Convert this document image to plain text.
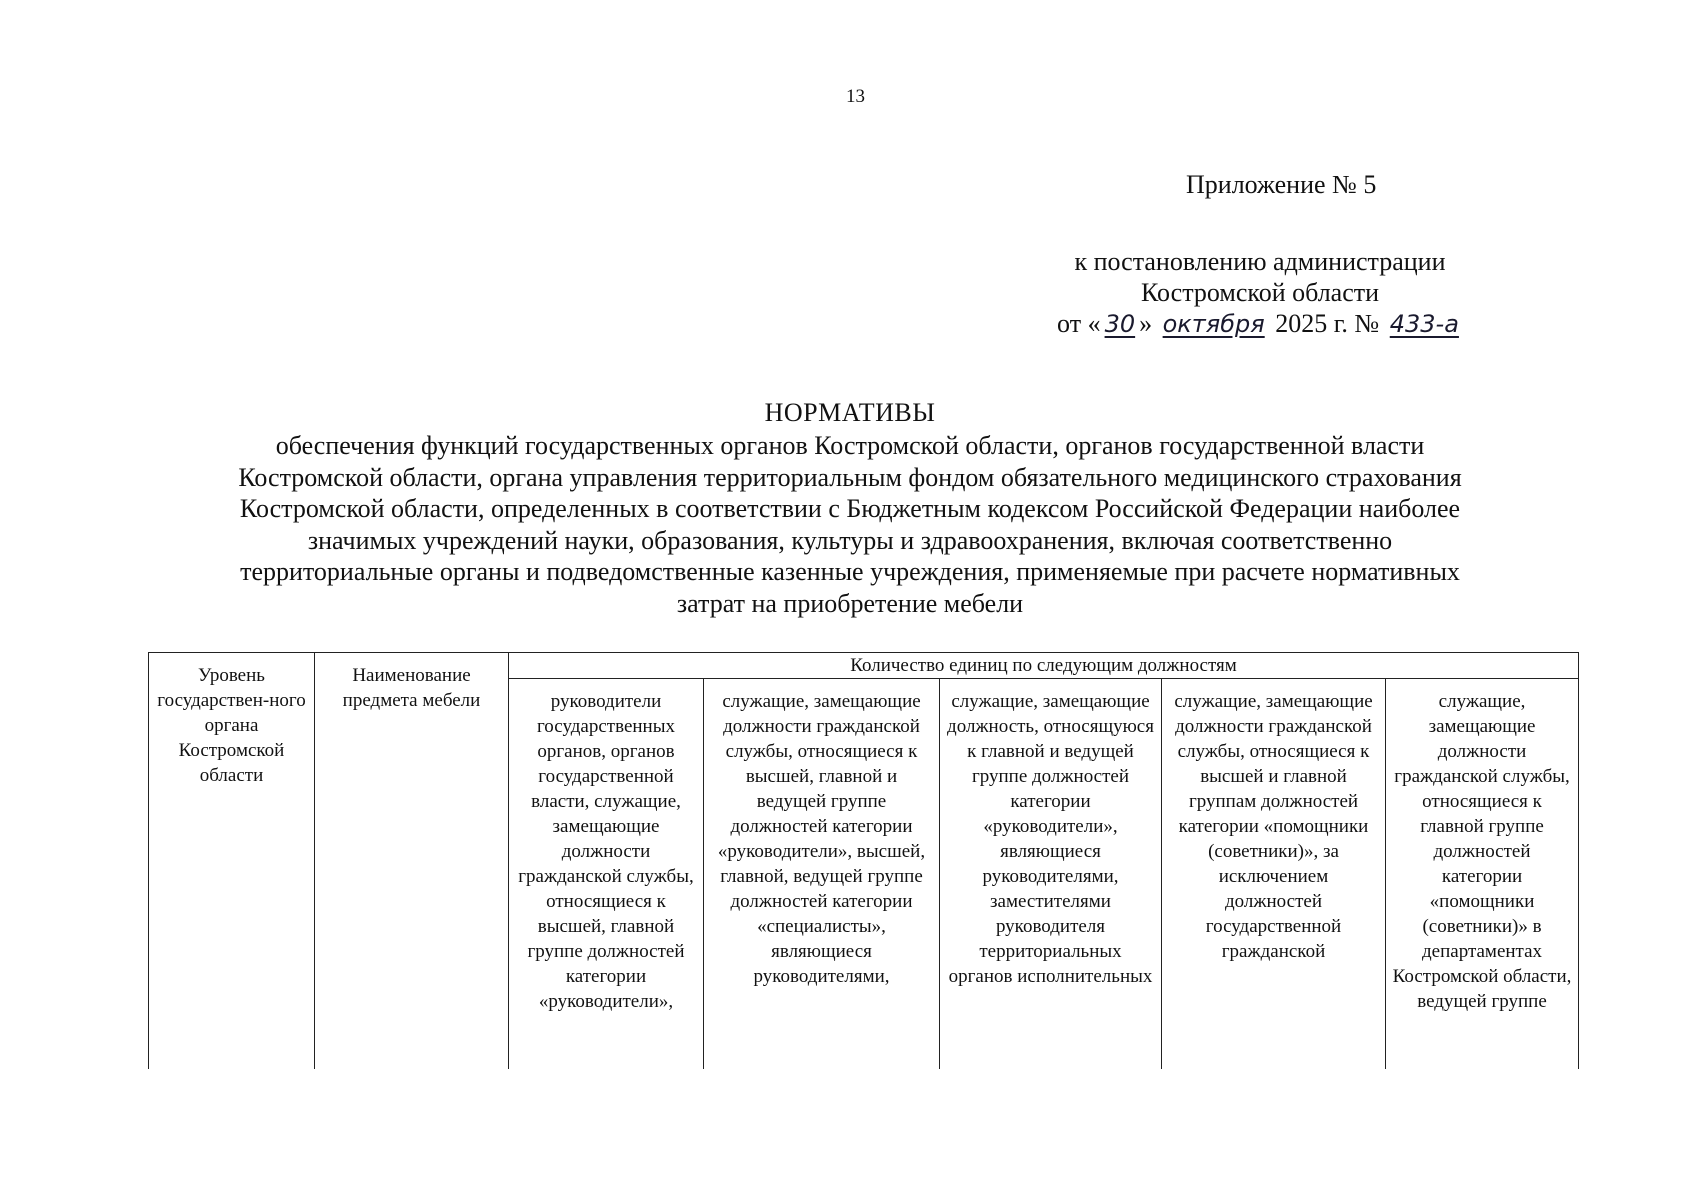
13
Приложение № 5
к постановлению администрации
Костромской области
от « 30 » октября 2025 г. № 433-а
НОРМАТИВЫ
обеспечения функций государственных органов Костромской области, органов государственной власти
Костромской области, органа управления территориальным фондом обязательного медицинского страхования
Костромской области, определенных в соответствии с Бюджетным кодексом Российской Федерации наиболее
значимых учреждений науки, образования, культуры и здравоохранения, включая соответственно
территориальные органы и подведомственные казенные учреждения, применяемые при расчете нормативных
затрат на приобретение мебели
Уровень государствен-ного органа Костромской области	Наименование предмета мебели	Количество единиц по следующим должностям				

		руководители государственных органов, органов государственной власти, служащие, замещающие должности гражданской службы, относящиеся к высшей, главной группе должностей категории «руководители»,	служащие, замещающие должности гражданской службы, относящиеся к высшей, главной и ведущей группе должностей категории «руководители», высшей, главной, ведущей группе должностей категории «специалисты», являющиеся руководителями,	служащие, замещающие должность, относящуюся к главной и ведущей группе должностей категории «руководители», являющиеся руководителями, заместителями руководителя территориальных органов исполнительных	служащие, замещающие должности гражданской службы, относящиеся к высшей и главной группам должностей категории «помощники (советники)», за исключением должностей государственной гражданской	служащие, замещающие должности гражданской службы, относящиеся к главной группе должностей категории «помощники (советники)» в департаментах Костромской области, ведущей группе
